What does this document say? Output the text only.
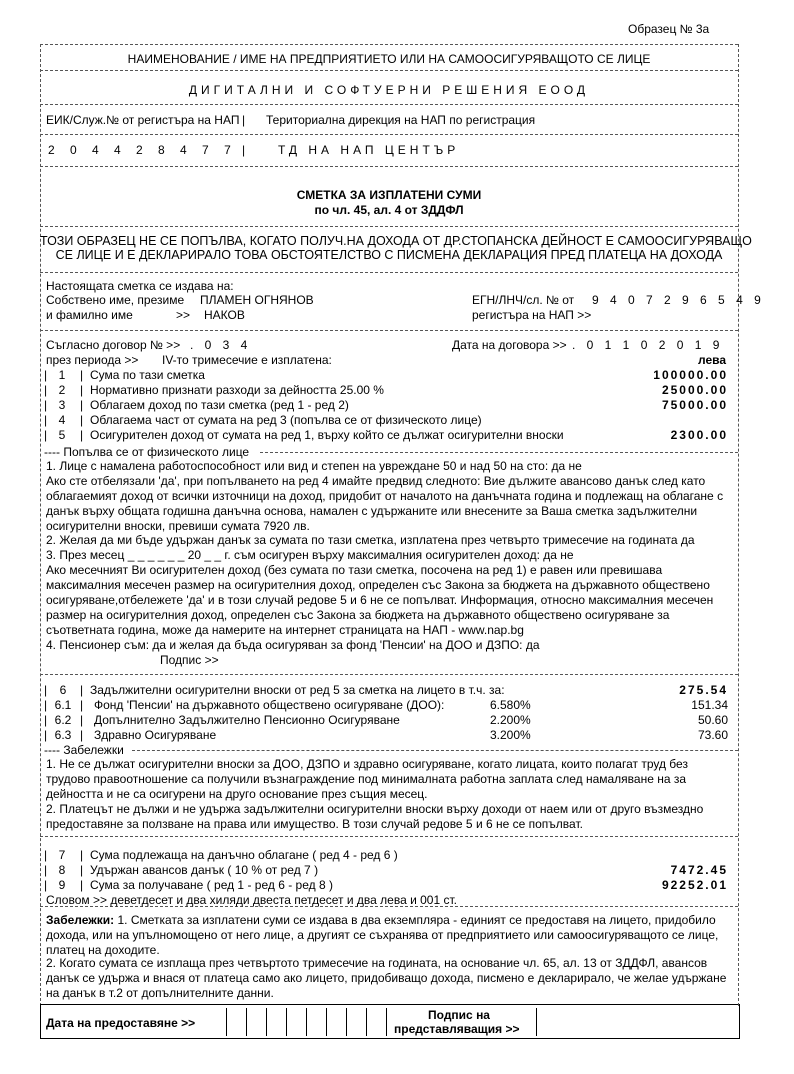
Образец № 3а
НАИМЕНОВАНИЕ / ИМЕ НА ПРЕДПРИЯТИЕТО ИЛИ НА САМООСИГУРЯВАЩОТО СЕ ЛИЦЕ
ДИГИТАЛНИ И СОФТУЕРНИ РЕШЕНИЯ ЕООД
ЕИК/Служ.№ от регистъра на НАП | Териториална дирекция на НАП по регистрация
2 0 4 4 2 8 4 7 7 |	ТД НА НАП ЦЕНТЪР
СМЕТКА ЗА ИЗПЛАТЕНИ СУМИ
по чл. 45, ал. 4 от ЗДДФЛ
ТОЗИ ОБРАЗЕЦ НЕ СЕ ПОПЪЛВА, КОГАТО ПОЛУЧ.НА ДОХОДА ОТ ДР.СТОПАНСКА ДЕЙНОСТ Е САМООСИГУРЯВАЩО
СЕ ЛИЦЕ И Е ДЕКЛАРИРАЛО ТОВА ОБСТОЯТЕЛСТВО С ПИСМЕНА ДЕКЛАРАЦИЯ ПРЕД ПЛАТЕЦА НА ДОХОДА
Настоящата сметка се издава на:
Собствено име, презиме ПЛАМЕН ОГНЯНОВ
и фамилно име	>> НАКОВ
ЕГН/ЛНЧ/сл. № от 9 4 0 7 2 9 6 5 4 9
регистъра на НАП >>
Съгласно договор № >> . 0 3 4	Дата на договора >> . 0 1 1 0 2 0 1 9
през периода >> IV-то тримесечие е изплатена:	лева
| 1	| Сума по тази сметка	100000.00
| 2	| Нормативно признати разходи за дейността 25.00 %	25000.00
| 3	| Облагаем доход по тази сметка (ред 1 - ред 2)	75000.00
| 4	| Облагаема част от сумата на ред 3 (попълва се от физическото лице)
| 5	| Осигурителен доход от сумата на ред 1, върху който се дължат осигурителни вноски	2300.00
---- Попълва се от физическото лице
1. Лице с намалена работоспособност или вид и степен на увреждане 50 и над 50 на сто: да не
Ако сте отбелязали 'да', при попълването на ред 4 имайте предвид следното: Вие дължите авансово данък след като облагаемият доход от всички източници на доход, придобит от началото на данъчната година и подлежащ на облагане с данък върху общата годишна данъчна основа, намален с удържаните или внесените за Ваша сметка задължителни осигурителни вноски, превиши сумата 7920 лв.
2. Желая да ми бъде удържан данък за сумата по тази сметка, изплатена през четвърто тримесечие на годината да
3. През месец _ _ _ _ _ _ 20 _ _ г. съм осигурен върху максималния осигурителен доход: да не
Ако месечният Ви осигурителен доход (без сумата по тази сметка, посочена на ред 1) е равен или превишава максималния месечен размер на осигурителния доход, определен със Закона за бюджета на държавното обществено осигуряване,отбележете 'да' и в този случай редове 5 и 6 не се попълват. Информация, относно максималния месечен размер на осигурителния доход, определен със Закона за бюджета на държавното обществено осигуряване за съответната година, може да намерите на интернет страницата на НАП - www.nap.bg
4. Пенсионер съм: да и желая да бъда осигуряван за фонд 'Пенсии' на ДОО и ДЗПО: да
Подпис >>
|	6	| Задължителни осигурителни вноски от ред 5 за сметка на лицето в т.ч. за:	275.54
| 6.1 | Фонд 'Пенсии' на държавното обществено осигуряване (ДОО):	6.580%	151.34
| 6.2 | Допълнително Задължително Пенсионно Осигуряване	2.200%	50.60
| 6.3 | Здравно Осигуряване	3.200%	73.60
---- Забележки
1. Не се дължат осигурителни вноски за ДОО, ДЗПО и здравно осигуряване, когато лицата, които полагат труд без трудово правоотношение са получили възнаграждение под минималната работна заплата след намаляване на за дейността и не са осигурени на друго основание през същия месец.
2. Платецът не дължи и не удържа задължителни осигурителни вноски върху доходи от наем или от друго възмездно предоставяне за ползване на права или имущество. В този случай редове 5 и 6 не се попълват.
| 7	| Сума подлежаща на данъчно облагане ( ред 4 - ред 6 )
| 8	| Удържан авансов данък ( 10 % от ред 7 )	7472.45
| 9	| Сума за получаване ( ред 1 - ред 6 - ред 8 )	92252.01
Словом >> деветдесет и два хиляди двеста петдесет и два лева и 001 ст.
Забележки: 1. Сметката за изплатени суми се издава в два екземпляра - единият се предоставя на лицето, придобило дохода, или на упълномощено от него лице, а другият се съхранява от предприятието или самоосигуряващото се лице, платец на доходите.
2. Когато сумата се изплаща през четвъртото тримесечие на годината, на основание чл. 65, ал. 13 от ЗДДФЛ, авансов данък се удържа и внася от платеца само ако лицето, придобиващо дохода, писмено е декларирало, че желае удържане на данък в т.2 от допълнителните данни.
Дата на предоставяне >>
Подпис на
представляващия >>
